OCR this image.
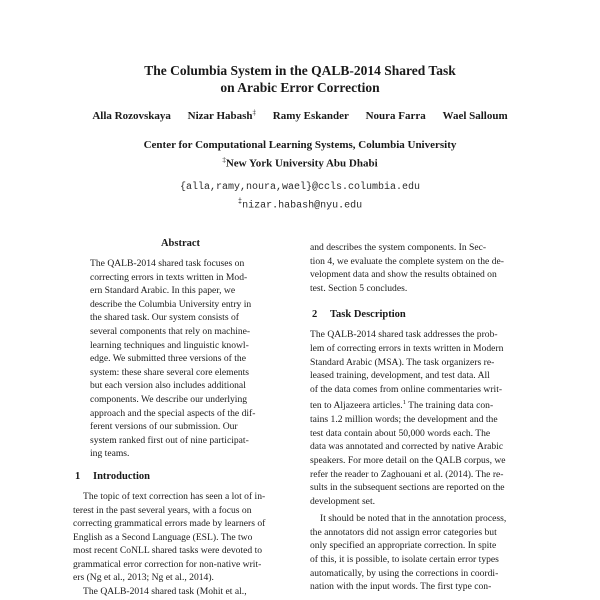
The Columbia System in the QALB-2014 Shared Task
on Arabic Error Correction
Alla Rozovskaya Nizar Habash‡ Ramy Eskander Noura Farra Wael Salloum
Center for Computational Learning Systems, Columbia University
‡New York University Abu Dhabi
{alla,ramy,noura,wael}@ccls.columbia.edu
‡nizar.habash@nyu.edu
Abstract
The QALB-2014 shared task focuses on
correcting errors in texts written in Mod-
ern Standard Arabic. In this paper, we
describe the Columbia University entry in
the shared task. Our system consists of
several components that rely on machine-
learning techniques and linguistic knowl-
edge. We submitted three versions of the
system: these share several core elements
but each version also includes additional
components. We describe our underlying
approach and the special aspects of the dif-
ferent versions of our submission. Our
system ranked first out of nine participat-
ing teams.
1 Introduction
The topic of text correction has seen a lot of in-
terest in the past several years, with a focus on
correcting grammatical errors made by learners of
English as a Second Language (ESL). The two
most recent CoNLL shared tasks were devoted to
grammatical error correction for non-native writ-
ers (Ng et al., 2013; Ng et al., 2014).
The QALB-2014 shared task (Mohit et al.,
and describes the system components. In Sec-
tion 4, we evaluate the complete system on the de-
velopment data and show the results obtained on
test. Section 5 concludes.
2 Task Description
The QALB-2014 shared task addresses the prob-
lem of correcting errors in texts written in Modern
Standard Arabic (MSA). The task organizers re-
leased training, development, and test data. All
of the data comes from online commentaries writ-
ten to Aljazeera articles.$^1$ The training data con-
tains 1.2 million words; the development and the
test data contain about 50,000 words each. The
data was annotated and corrected by native Arabic
speakers. For more detail on the QALB corpus, we
refer the reader to Zaghouani et al. (2014). The re-
sults in the subsequent sections are reported on the
development set.
It should be noted that in the annotation process,
the annotators did not assign error categories but
only specified an appropriate correction. In spite
of this, it is possible, to isolate certain error types
automatically, by using the corrections in coordi-
nation with the input words. The first type con-
